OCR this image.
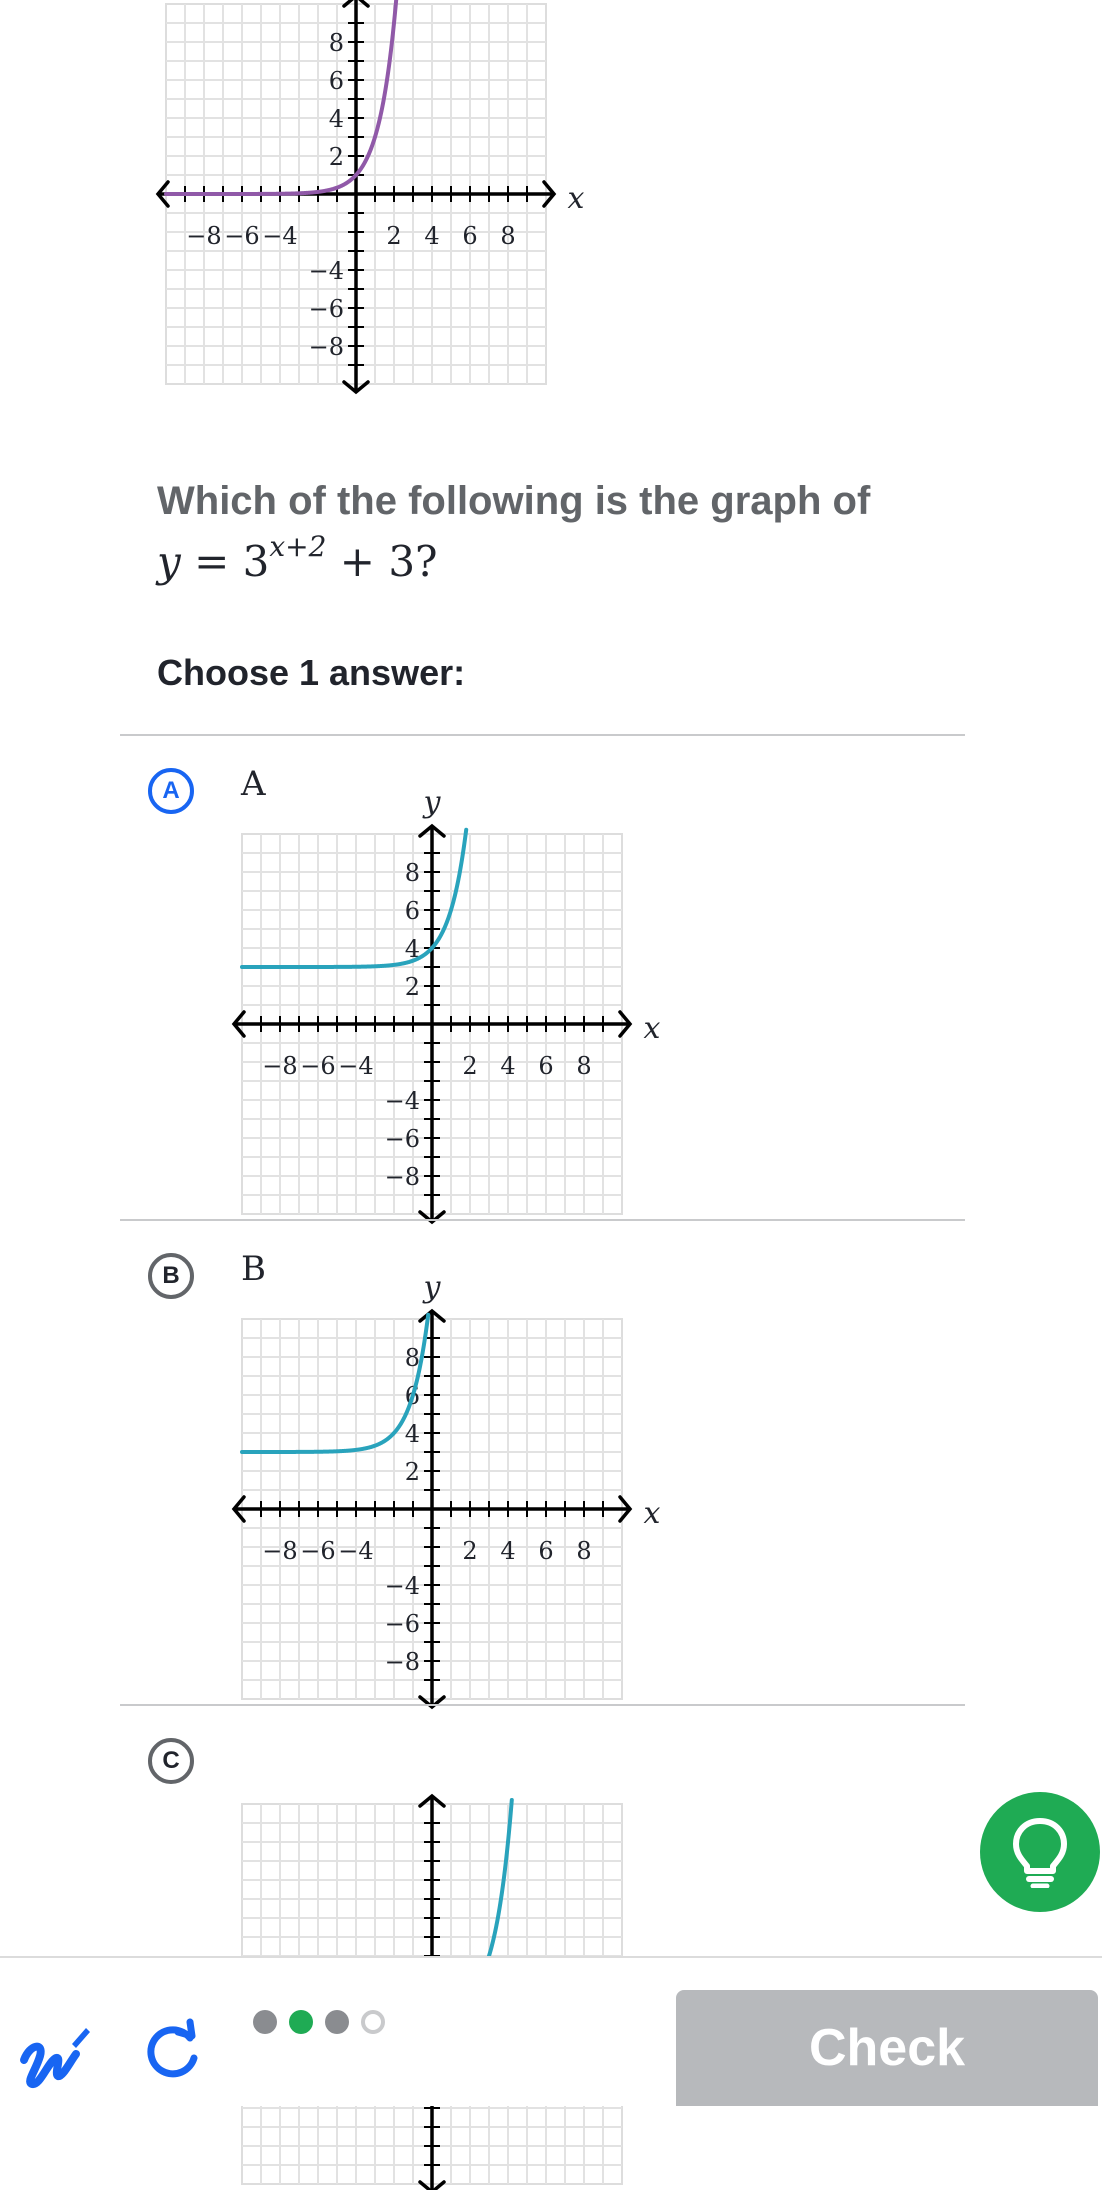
−8 −6 −4	2 4 6 8
8
6
4
2
−4
−6
−8
x
Which of the following is the graph of
$y = 3^{x+2} + 3$?
Choose 1 answer:
A	A
−8 −6 −4	2 4 6 8
8
6
4
2
−4
−6
−8
x
y
B	B
−8 −6 −4	2 4 6 8
8
6
4
2
−4
−6
−8
x
y
C
Check
